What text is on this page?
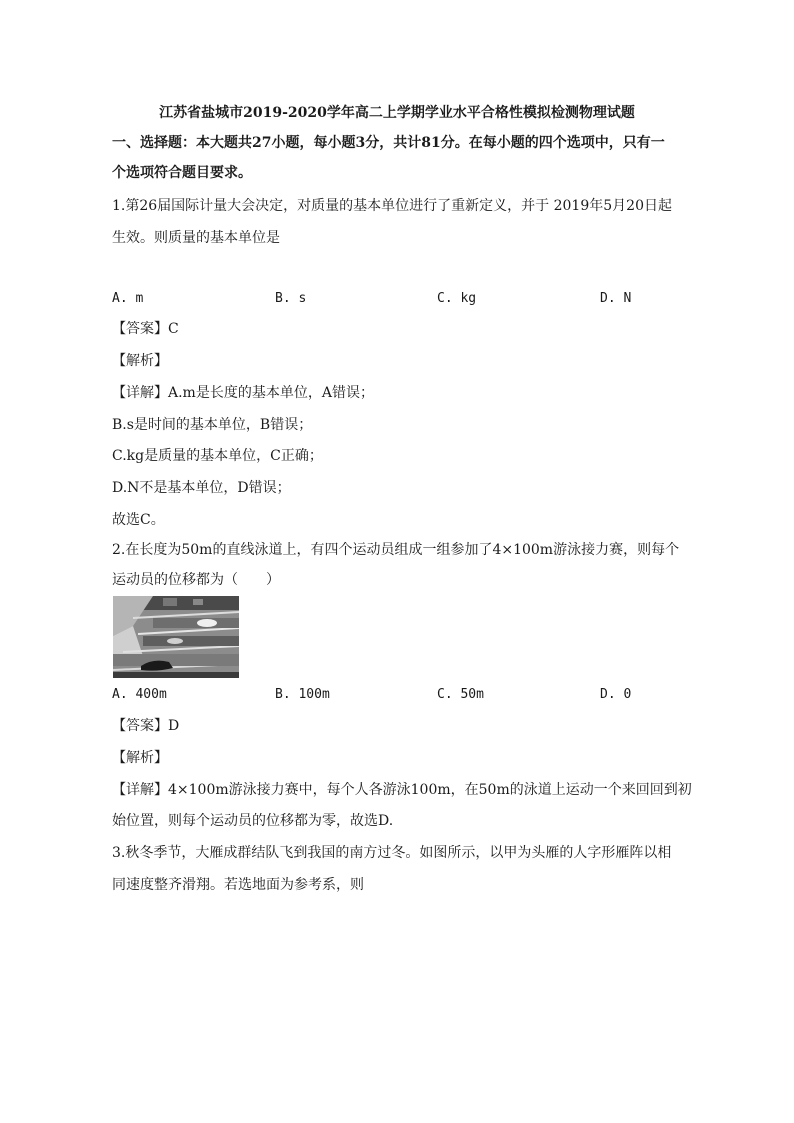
江苏省盐城市2019-2020学年高二上学期学业水平合格性模拟检测物理试题
一、选择题：本大题共27小题，每小题3分，共计81分。在每小题的四个选项中，只有一
个选项符合题目要求。
1.第26届国际计量大会决定，对质量的基本单位进行了重新定义，并于 2019年5月20日起
生效。则质量的基本单位是
A. m	B. s	C. kg	D. N
【答案】C
【解析】
【详解】A.m是长度的基本单位，A错误；
B.s是时间的基本单位，B错误；
C.kg是质量的基本单位，C正确；
D.N不是基本单位，D错误；
故选C。
2.在长度为50m的直线泳道上，有四个运动员组成一组参加了4×100m游泳接力赛，则每个
运动员的位移都为（　　）
A. 400m	B. 100m	C. 50m	D. 0
【答案】D
【解析】
【详解】4×100m游泳接力赛中，每个人各游泳100m，在50m的泳道上运动一个来回回到初
始位置，则每个运动员的位移都为零，故选D.
3.秋冬季节，大雁成群结队飞到我国的南方过冬。如图所示，以甲为头雁的人字形雁阵以相
同速度整齐滑翔。若选地面为参考系，则
